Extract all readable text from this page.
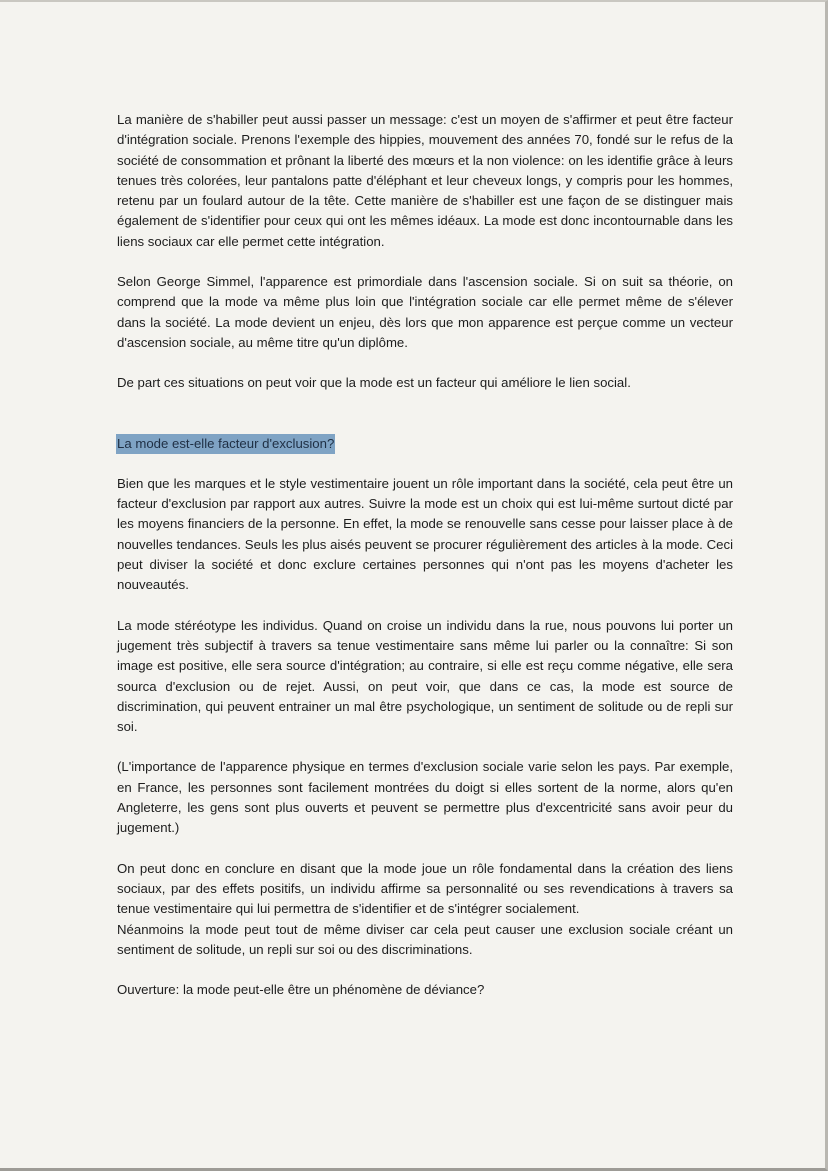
La manière de s'habiller peut aussi passer un message: c'est un moyen de s'affirmer et peut être facteur d'intégration sociale. Prenons l'exemple des hippies, mouvement des années 70, fondé sur le refus de la société de consommation et prônant la liberté des mœurs et la non violence: on les identifie grâce à leurs tenues très colorées, leur pantalons patte d'éléphant et leur cheveux longs, y compris pour les hommes, retenu par un foulard autour de la tête. Cette manière de s'habiller est une façon de se distinguer mais également de s'identifier pour ceux qui ont les mêmes idéaux. La mode est donc incontournable dans les liens sociaux car elle permet cette intégration.

Selon George Simmel, l'apparence est primordiale dans l'ascension sociale. Si on suit sa théorie, on comprend que la mode va même plus loin que l'intégration sociale car elle permet même de s'élever dans la société. La mode devient un enjeu, dès lors que mon apparence est perçue comme un vecteur d'ascension sociale, au même titre qu'un diplôme.

De part ces situations on peut voir que la mode est un facteur qui améliore le lien social.

La mode est-elle facteur d'exclusion?

Bien que les marques et le style vestimentaire jouent un rôle important dans la société, cela peut être un facteur d'exclusion par rapport aux autres. Suivre la mode est un choix qui est lui-même surtout dicté par les moyens financiers de la personne. En effet, la mode se renouvelle sans cesse pour laisser place à de nouvelles tendances. Seuls les plus aisés peuvent se procurer régulièrement des articles à la mode. Ceci peut diviser la société et donc exclure certaines personnes qui n'ont pas les moyens d'acheter les nouveautés.

La mode stéréotype les individus. Quand on croise un individu dans la rue, nous pouvons lui porter un jugement très subjectif à travers sa tenue vestimentaire sans même lui parler ou la connaître: Si son image est positive, elle sera source d'intégration; au contraire, si elle est reçu comme négative, elle sera sourca d'exclusion ou de rejet. Aussi, on peut voir, que dans ce cas, la mode est source de discrimination, qui peuvent entrainer un mal être psychologique, un sentiment de solitude ou de repli sur soi.

(L'importance de l'apparence physique en termes d'exclusion sociale varie selon les pays. Par exemple, en France, les personnes sont facilement montrées du doigt si elles sortent de la norme, alors qu'en Angleterre, les gens sont plus ouverts et peuvent se permettre plus d'excentricité sans avoir peur du jugement.)

On peut donc en conclure en disant que la mode joue un rôle fondamental dans la création des liens sociaux, par des effets positifs, un individu affirme sa personnalité ou ses revendications à travers sa tenue vestimentaire qui lui permettra de s'identifier et de s'intégrer socialement.

Néanmoins la mode peut tout de même diviser car cela peut causer une exclusion sociale créant un sentiment de solitude, un repli sur soi ou des discriminations.

Ouverture: la mode peut-elle être un phénomène de déviance?
